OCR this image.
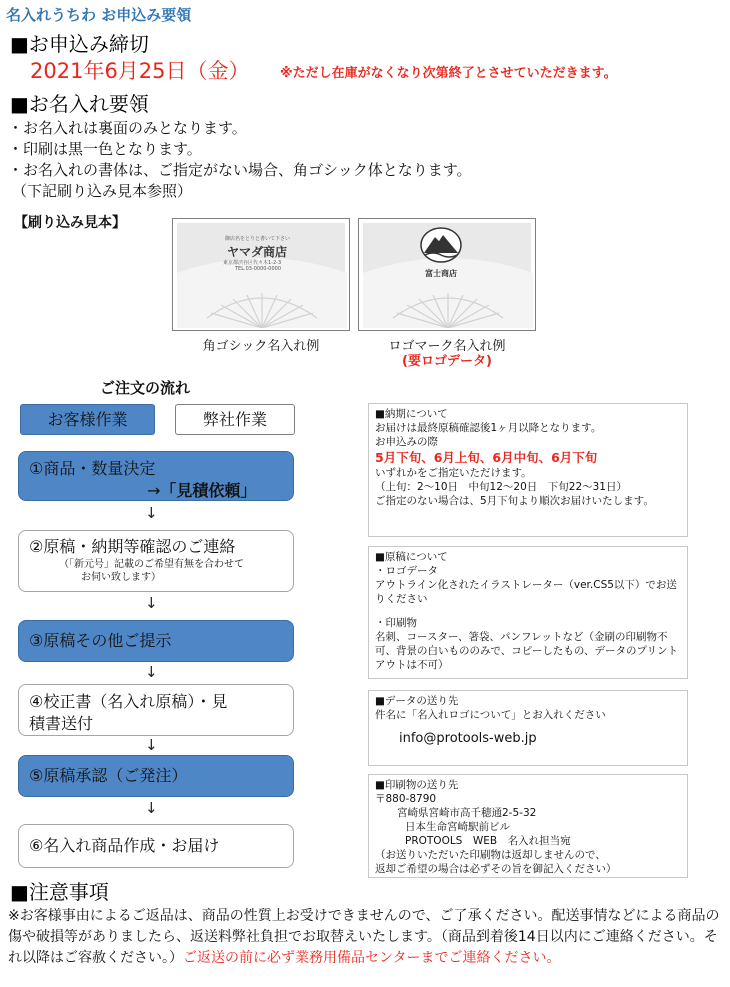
名入れうちわ お申込み要領
■お申込み締切
2021年6月25日（金） ※ただし在庫がなくなり次第終了とさせていただきます。
■お名入れ要領
・お名入れは裏面のみとなります。
・印刷は黒一色となります。
・お名入れの書体は、ご指定がない場合、角ゴシック体となります。
（下記刷り込み見本参照）
【刷り込み見本】
御店名をとりと書いて下さい
ヤマダ商店
東京都渋谷区代々木1-2-3
TEL.03-0000-0000
角ゴシック名入れ例
富士商店
ロゴマーク名入れ例
(要ロゴデータ)
ご注文の流れ
お客様作業	弊社作業
①商品・数量決定
→「見積依頼」
↓
②原稿・納期等確認のご連絡
（「新元号」記載のご希望有無を合わせて
お伺い致します）
↓
③原稿その他ご提示
↓
④校正書（名入れ原稿）・見
積書送付
↓
⑤原稿承認（ご発注）
↓
⑥名入れ商品作成・お届け
■納期について
お届けは最終原稿確認後1ヶ月以降となります。
お申込みの際
5月下旬、6月上旬、6月中旬、6月下旬
いずれかをご指定いただけます。
（上旬：2～10日　中旬12～20日　下旬22～31日）
ご指定のない場合は、5月下旬より順次お届けいたします。
■原稿について
・ロゴデータ
アウトライン化されたイラストレーター（ver.CS5以下）でお送りください
・印刷物
名刺、コースター、箸袋、パンフレットなど（金刷の印刷物不可、背景の白いもののみで、コピーしたもの、データのプリントアウトは不可）
■データの送り先
件名に「名入れロゴについて」とお入れください
info@protools-web.jp
■印刷物の送り先
〒880-8790
宮崎県宮崎市高千穂通2-5-32
日本生命宮崎駅前ビル
PROTOOLS　WEB　名入れ担当宛
（お送りいただいた印刷物は返却しませんので、
返却ご希望の場合は必ずその旨を御記入ください）
■注意事項
※お客様事由によるご返品は、商品の性質上お受けできませんので、ご了承ください。配送事情などによる商品の傷や破損等がありましたら、返送料弊社負担でお取替えいたします。（商品到着後14日以内にご連絡ください。それ以降はご容赦ください。）ご返送の前に必ず業務用備品センターまでご連絡ください。
